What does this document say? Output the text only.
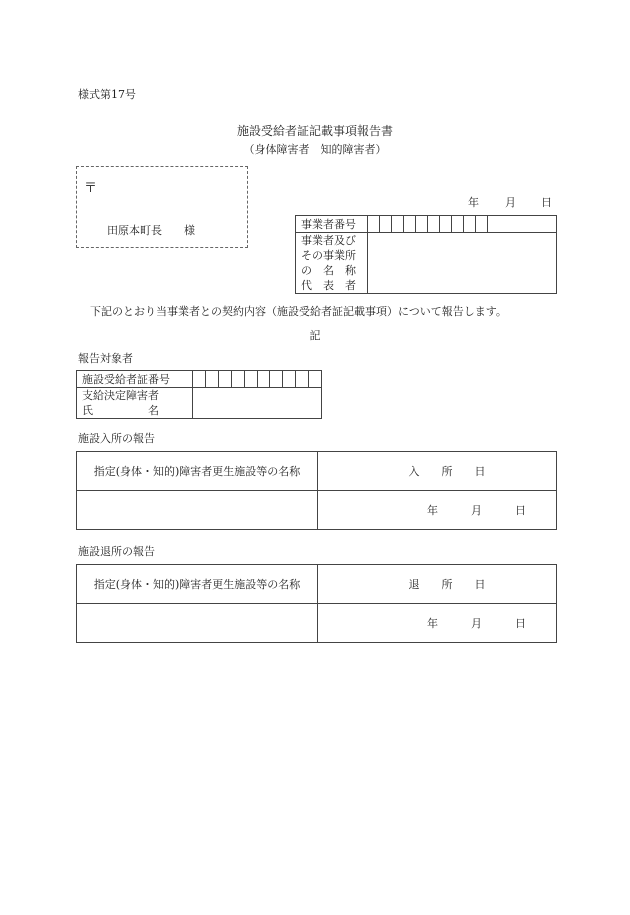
様式第17号
施設受給者証記載事項報告書
（身体障害者　知的障害者）
〒
田原本町長　　様
年 月 日
事業者番号											

事業者及び
その事業所
の　名　称
代　表　者											

下記のとおり当事業者との契約内容（施設受給者証記載事項）について報告します。
記
報告対象者
施設受給者証番号										

支給決定障害者
氏　　　　　名										

施設入所の報告
指定(身体・知的)障害者更生施設等の名称	入　　所　　日
	年　　　月　　　日
施設退所の報告
指定(身体・知的)障害者更生施設等の名称	退　　所　　日
	年　　　月　　　日
